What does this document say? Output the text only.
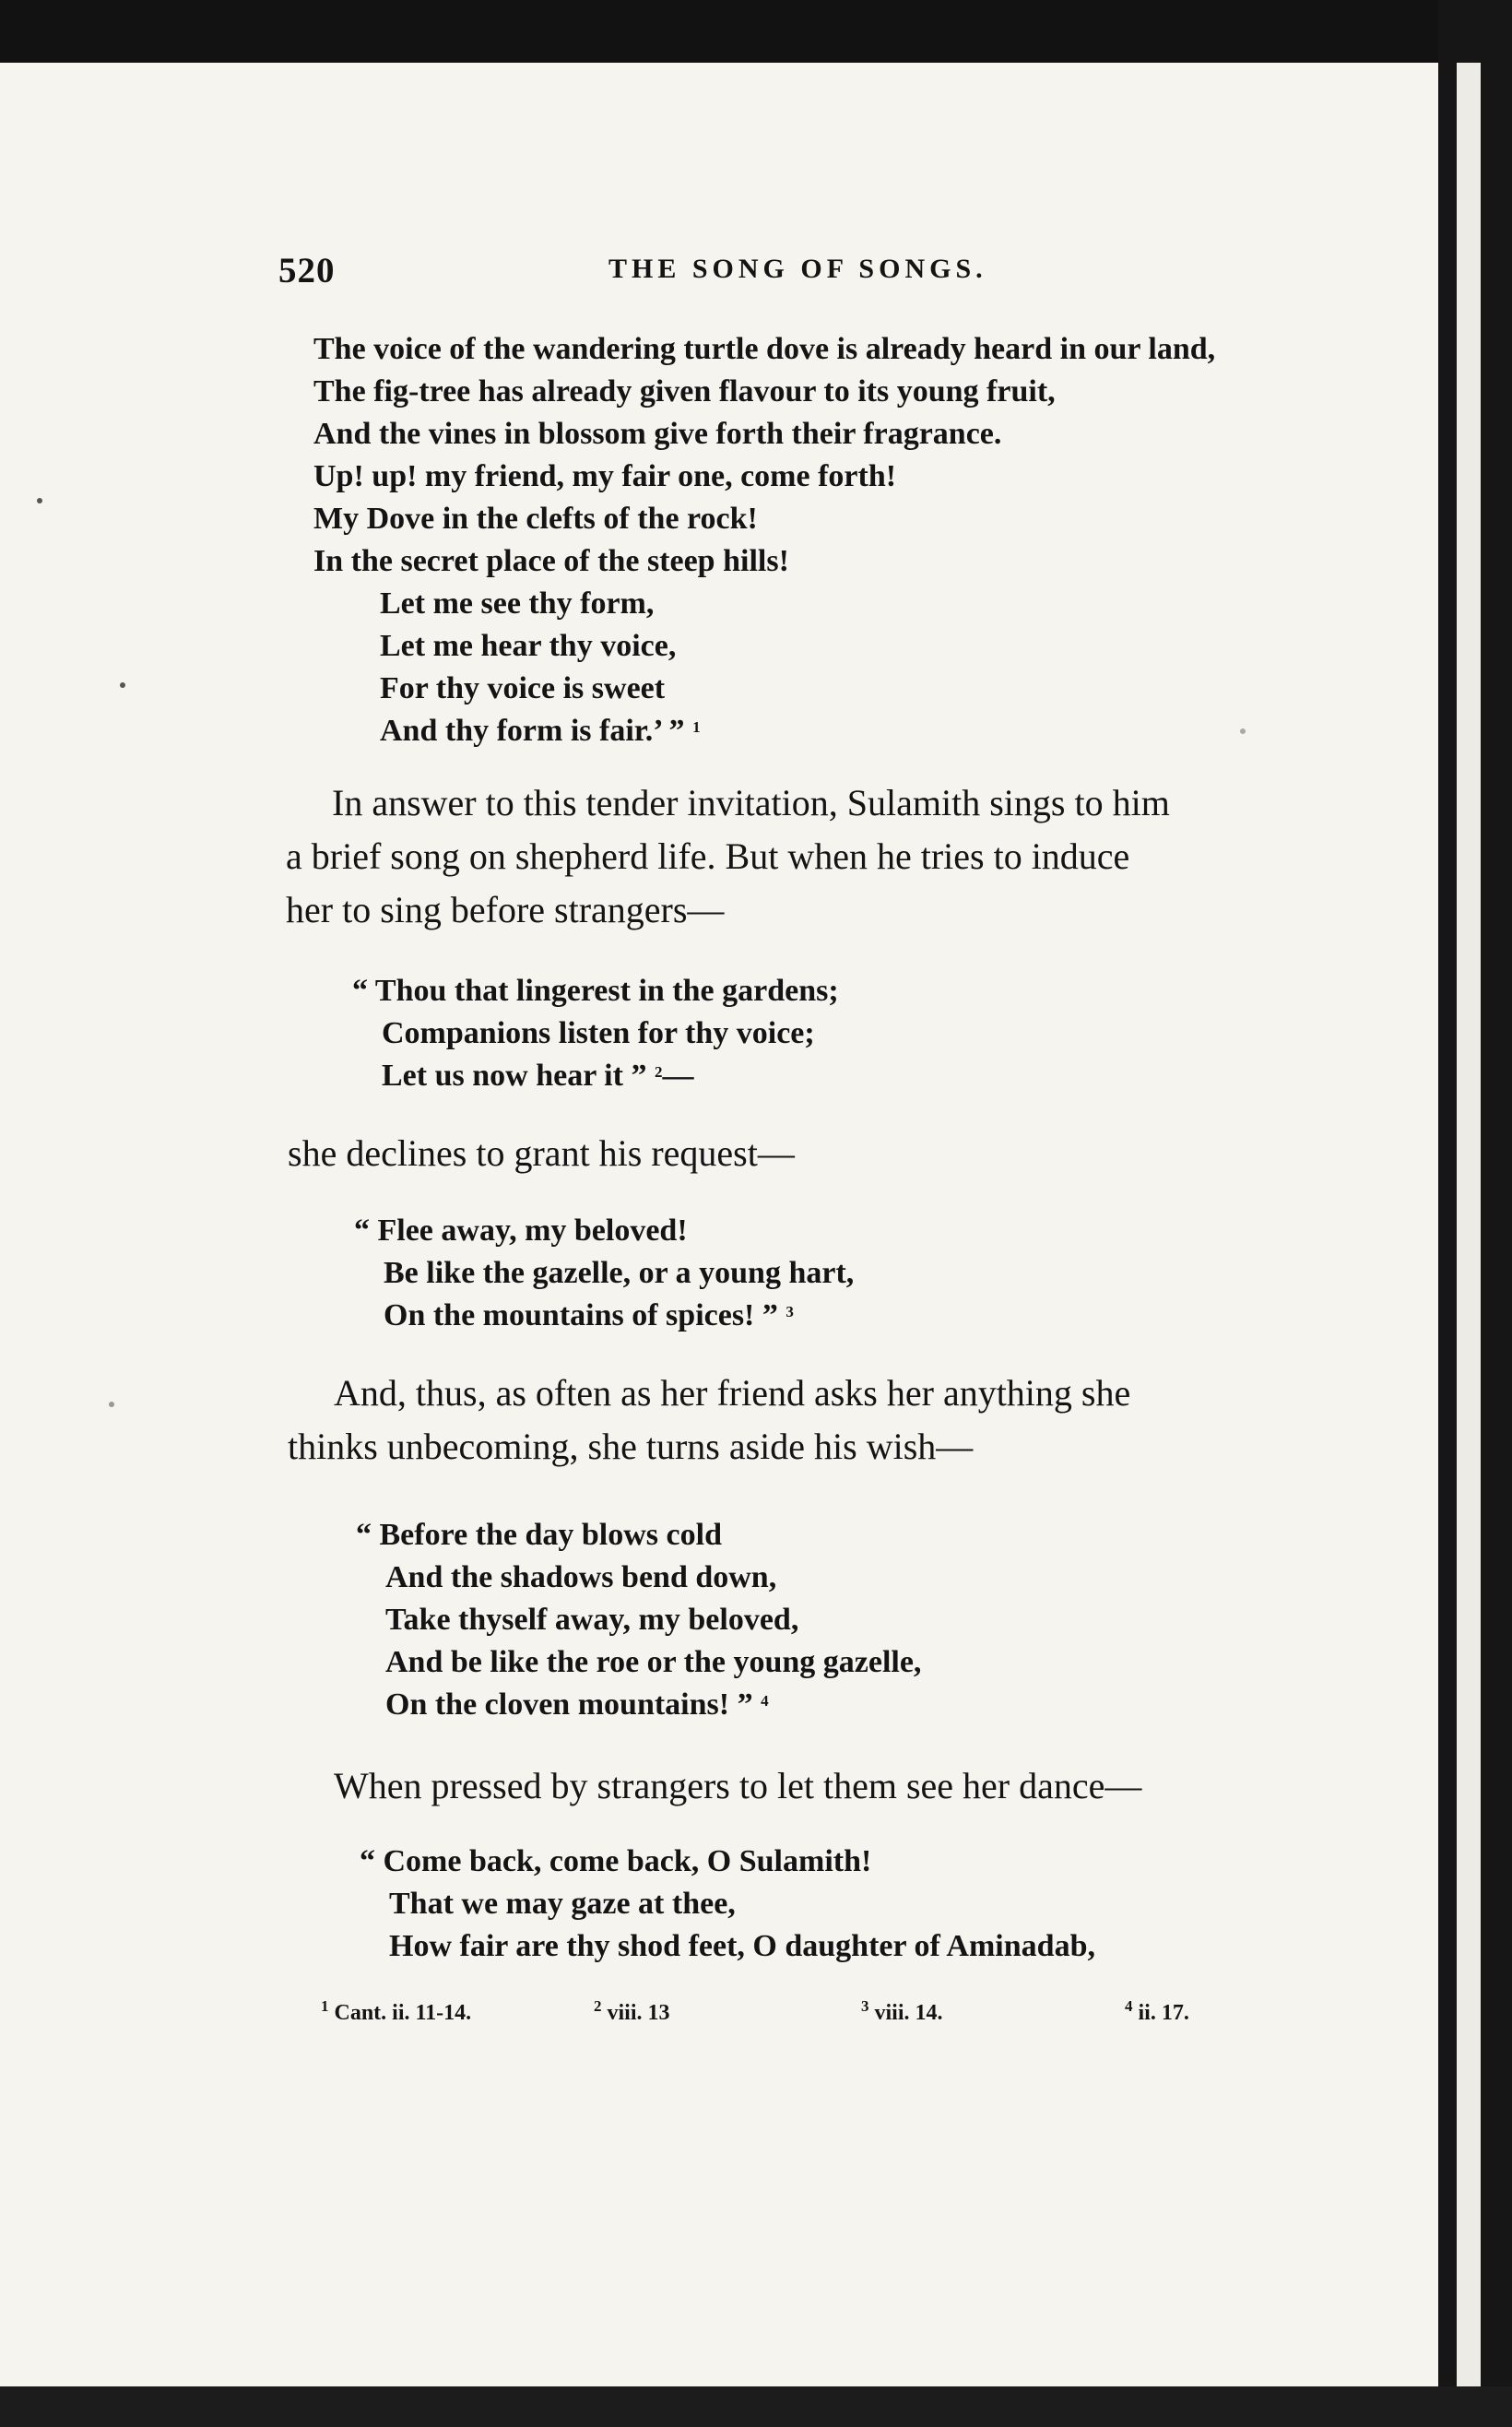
520	THE SONG OF SONGS.
The voice of the wandering turtle dove is already heard in our land,
The fig-tree has already given flavour to its young fruit,
And the vines in blossom give forth their fragrance.
Up! up! my friend, my fair one, come forth!
My Dove in the clefts of the rock!
In the secret place of the steep hills!
Let me see thy form,
Let me hear thy voice,
For thy voice is sweet
And thy form is fair.’ ” $^1$
In answer to this tender invitation, Sulamith sings to him
a brief song on shepherd life. But when he tries to induce
her to sing before strangers—
“ Thou that lingerest in the gardens;
Companions listen for thy voice;
Let us now hear it ” $^2$—
she declines to grant his request—
“ Flee away, my beloved!
Be like the gazelle, or a young hart,
On the mountains of spices! ” $^3$
And, thus, as often as her friend asks her anything she
thinks unbecoming, she turns aside his wish—
“ Before the day blows cold
And the shadows bend down,
Take thyself away, my beloved,
And be like the roe or the young gazelle,
On the cloven mountains! ” $^4$
When pressed by strangers to let them see her dance—
“ Come back, come back, O Sulamith!
That we may gaze at thee,
How fair are thy shod feet, O daughter of Aminadab,
$^1$ Cant. ii. 11-14.	$^2$ viii. 13	$^3$ viii. 14.	$^4$ ii. 17.
